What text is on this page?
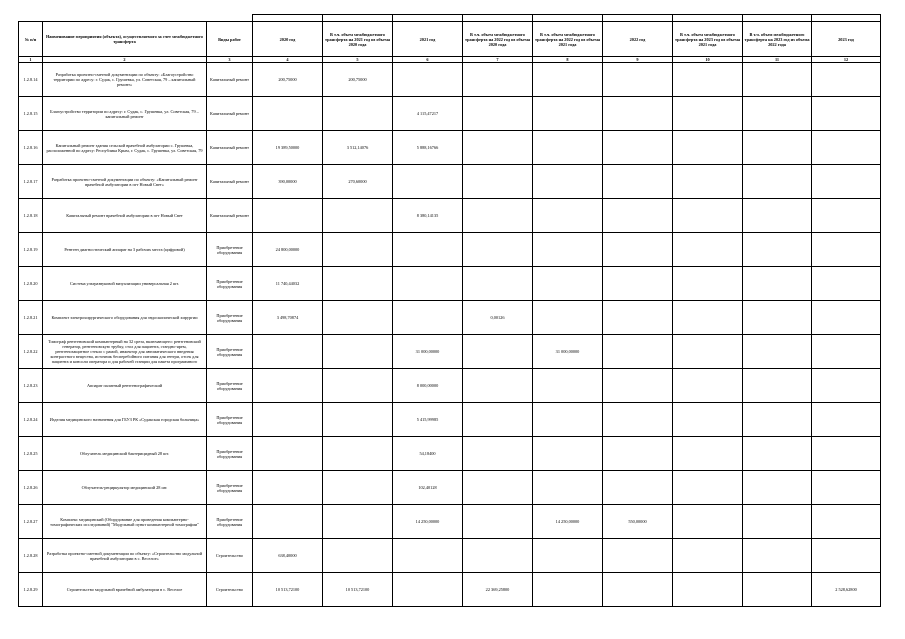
№ п/п	Наименование мероприятия (объекта), осуществляемого за счет межбюджетного трансферта	Виды работ	2020 год	В т.ч. объем межбюджетного трансферта на 2021 год из объема 2020 года	2021 год	В т.ч. объем межбюджетного трансферта на 2022 год из объема 2020 года	В т.ч. объем межбюджетного трансферта на 2022 год из объема 2021 года	2022 год	В т.ч. объем межбюджетного трансферта на 2023 год из объема 2021 года	В т.ч. объем межбюджетного трансферта на 2023 год из объема 2022 года	2023 год
1	2	3	4	5	6	7	8	9	10	11	12
1.2.8.14	Разработка проектно-сметной документации по объекту: «Благоустройство территории по адресу: г. Судак, с. Грушевка, ул. Советская, 79 – капитальный ремонт»	Капитальный ремонт	200,75000	200,75000							
1.2.8.15	Благоустройство территории по адресу: г. Судак, с. Грушевка, ул. Советская, 79 – капитальный ремонт	Капитальный ремонт			4 115,47217						
1.2.8.16	Капитальный ремонт здания сельской врачебной амбулатории с. Грушевка, расположенной по адресу: Республика Крым, г. Судак, с. Грушевка, ул. Советская, 79	Капитальный ремонт	19 389,50000	3 512,14076	5 888,16766						
1.2.8.17	Разработка проектно-сметной документации по объекту: «Капитальный ремонт врачебной амбулатории в пгт Новый Свет»	Капитальный ремонт	390,00000	270,60000							
1.2.8.18	Капитальный ремонт врачебной амбулатории в пгт Новый Свет	Капитальный ремонт			8 380,14135						
1.2.8.19	Рентген диагностический аппарат на 3 рабочих места (цифровой)	Приобретение оборудования	24 800,00000								
1.2.8.20	Система ультразвуковой визуализации универсальная 2 шт.	Приобретение оборудования	11 740,44032								
1.2.8.21	Комплект электрохирургического оборудования для эндоскопической хирургии	Приобретение оборудования	3 498,70874			0,00126					
1.2.8.22	Томограф рентгеновский компьютерный на 32 среза, включающего: рентгеновский генератор, рентгеновскую трубку, стол для пациента, стандно-ярем, рентгенозащитное стекло с рамой, инжектор для автоматического введения контрастного вещества, источник бесперебойного питания для гентри, отсек для пациента и консоли оператора и для рабочей станции для пакета программного	Приобретение оборудования			31 000,00000		31 000,00000				
1.2.8.23	Аппарат палатный рентгенографический	Приобретение оборудования			8 000,00000						
1.2.8.24	Изделия медицинского назначения для ГБУЗ РК «Судакская городская больница»	Приобретение оборудования			5 415,99985						
1.2.8.25	Облучатель медицинский бактерицидный 28 шт.	Приобретение оборудования			54,18400						
1.2.8.26	Облучатель-рециркулятор медицинский 28 шт.	Приобретение оборудования			102,40128						
1.2.8.27	Комплекс медицинский (Оборудование для проведения компьютерно-томографических исследований) "Модульный пункт компьютерной томографии"	Приобретение оборудования			14 250,00000		14 250,00000	550,00000			
1.2.8.28	Разработка проектно-сметной документации по объекту: «Строительство модульной врачебной амбулатории в с. Веселое»	Строительство	638,40000								
1.2.8.29	Строительство модульной врачебной амбулатории в с. Веселое	Строительство	10 513,72100	10 513,72100		22 369,25800					2 528,62800
